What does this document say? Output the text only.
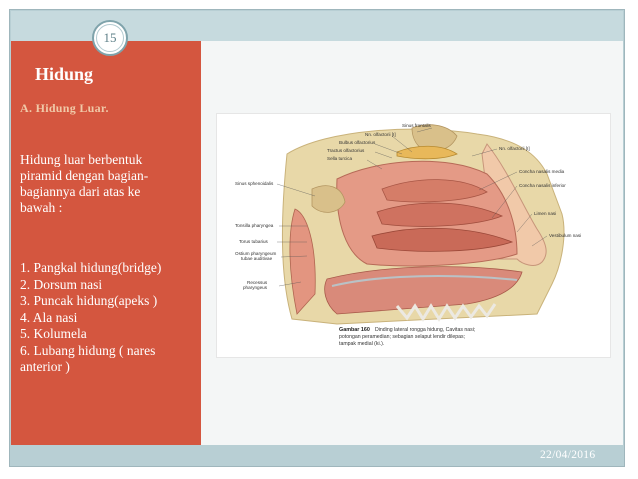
15
Hidung
A. Hidung Luar.
Hidung luar berbentuk
piramid dengan bagian-
bagiannya dari atas ke
bawah :
1. Pangkal hidung(bridge)
2. Dorsum nasi
3. Puncak hidung(apeks )
4. Ala nasi
5. Kolumela
6. Lubang hidung ( nares
anterior )
Sinus frontalis
Nn. olfactorii [I]
Bulbus olfactorius
Tractus olfactorius
Sella turcica
Sinus sphenoidalis
Tonsilla pharyngea
Torus tubarius
Ostium pharyngeum
tubae auditivae
Recessus
pharyngeus
Nn. olfactorii [I]
Concha nasalis media
Concha nasalis inferior
Limen nasi
Vestibulum nasi
Gambar 160 Dinding lateral rongga hidung, Cavitas nasi;
potongan peramedian; sebagian selaput lendir dilepas;
tampak medial (ki.).
22/04/2016
